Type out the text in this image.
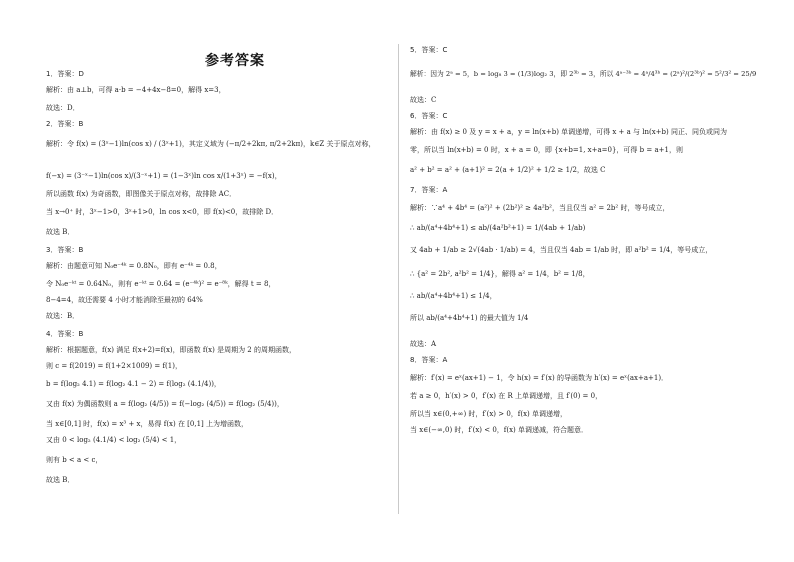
参考答案
1．答案：D
解析：由 a⊥b，可得 a·b = −4+4x−8=0，解得 x=3，
故选：D．
2．答案：B
解析：令 f(x) = (3ˣ−1)ln(cos x) / (3ˣ+1)，其定义域为 (−π/2+2kπ, π/2+2kπ)，k∈Z 关于原点对称，
f(−x) = (3⁻ˣ−1)ln(cos x)/(3⁻ˣ+1) = (1−3ˣ)ln cos x/(1+3ˣ) = −f(x)，
所以函数 f(x) 为奇函数，即图像关于原点对称，故排除 AC．
当 x→0⁺ 时，3ˣ−1>0，3ˣ+1>0，ln cos x<0，即 f(x)<0，故排除 D．
故选 B．
3．答案：B
解析：由题意可知 N₀e⁻⁴ᵏ = 0.8N₀，即有 e⁻⁴ᵏ = 0.8，
令 N₀e⁻ᵏᵗ = 0.64N₀，则有 e⁻ᵏᵗ = 0.64 = (e⁻⁴ᵏ)² = e⁻⁸ᵏ，解得 t = 8，
8−4=4，故还需要 4 小时才能消除至最初的 64%
故选：B．
4．答案：B
解析：根据题意，f(x) 满足 f(x+2)=f(x)，即函数 f(x) 是周期为 2 的周期函数，
则 c = f(2019) = f(1+2×1009) = f(1)，
b = f(log₂ 4.1) = f(log₂ 4.1 − 2) = f(log₂ (4.1/4))，
又由 f(x) 为偶函数则 a = f(log₂ (4/5)) = f(−log₂ (4/5)) = f(log₂ (5/4))，
当 x∈[0,1] 时，f(x) = x³ + x，易得 f(x) 在 [0,1] 上为增函数，
又由 0 < log₂ (4.1/4) < log₂ (5/4) < 1，
则有 b < a < c，
故选 B．
5．答案：C
解析：因为 2ᵃ = 5，b = log₈ 3 = (1/3)log₂ 3，即 2³ᵇ = 3，所以 4ᵃ⁻³ᵇ = 4ᵃ/4³ᵇ = (2ᵃ)²/(2³ᵇ)² = 5²/3² = 25/9
故选：C
6．答案：C
解析：由 f(x) ≥ 0 及 y = x + a，y = ln(x+b) 单调递增，可得 x + a 与 ln(x+b) 同正、同负或同为
零，所以当 ln(x+b) = 0 时，x + a = 0，即 {x+b=1, x+a=0}，可得 b = a+1，则
a² + b² = a² + (a+1)² = 2(a + 1/2)² + 1/2 ≥ 1/2，故选 C
7．答案：A
解析：∵a⁴ + 4b⁴ = (a²)² + (2b²)² ≥ 4a²b²，当且仅当 a² = 2b² 时，等号成立，
∴ ab/(a⁴+4b⁴+1) ≤ ab/(4a²b²+1) = 1/(4ab + 1/ab)
又 4ab + 1/ab ≥ 2√(4ab · 1/ab) = 4，当且仅当 4ab = 1/ab 时，即 a²b² = 1/4，等号成立，
∴ {a² = 2b², a²b² = 1/4}，解得 a² = 1/4，b² = 1/8，
∴ ab/(a⁴+4b⁴+1) ≤ 1/4，
所以 ab/(a⁴+4b⁴+1) 的最大值为 1/4
故选：A
8．答案：A
解析：f′(x) = eˣ(ax+1) − 1，令 h(x) = f′(x) 的导函数为 h′(x) = eˣ(ax+a+1)．
若 a ≥ 0，h′(x) > 0，f′(x) 在 R 上单调递增，且 f′(0) = 0，
所以当 x∈(0,+∞) 时，f′(x) > 0，f(x) 单调递增，
当 x∈(−∞,0) 时，f′(x) < 0，f(x) 单调递减，符合题意．
